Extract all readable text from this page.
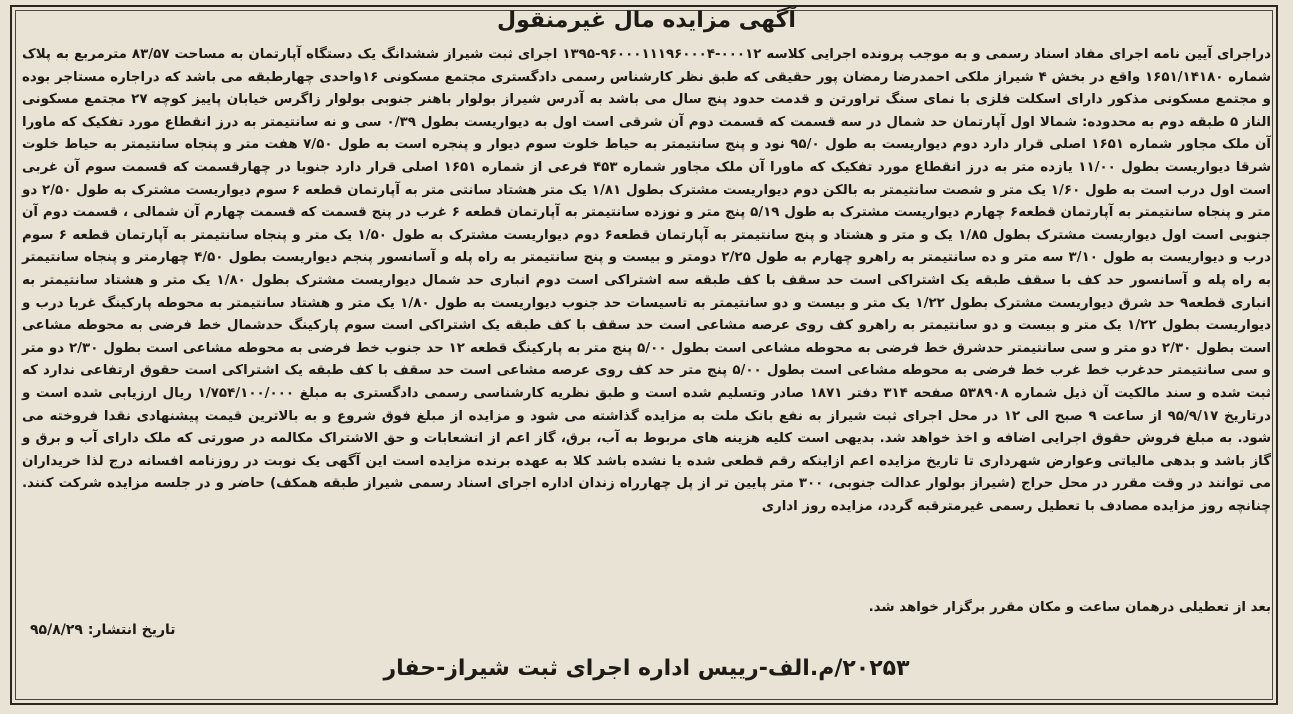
آگهی مزایده مال غیرمنقول

دراجرای آیین نامه اجرای مفاد اسناد رسمی و به موجب پرونده اجرایی کلاسه ۰۰۰۱۲-۹۶۰۰۰۱۱۱۹۶۰۰۰۴-۱۳۹۵ اجرای ثبت شیراز ششدانگ یک دستگاه آپارتمان به مساحت ۸۳/۵۷ مترمربع به پلاک شماره ۱۶۵۱/۱۴۱۸۰ واقع در بخش ۴ شیراز ملکی احمدرضا رمضان پور حقیقی که طبق نظر کارشناس رسمی دادگستری مجتمع مسکونی ۱۶واحدی چهارطبقه می باشد که دراجاره مستاجر بوده و مجتمع مسکونی مذکور دارای اسکلت فلزی با نمای سنگ تراورتن و قدمت حدود پنج سال می باشد به آدرس شیراز بولوار باهنر جنوبی بولوار زاگرس خیابان پاییز کوچه ۲۷ مجتمع مسکونی الناز ۵ طبقه دوم به محدوده: شمالا اول آپارتمان حد شمال در سه قسمت که قسمت دوم آن شرقی است اول به دیواریست بطول ۰/۳۹ سی و نه سانتیمتر به درز انقطاع مورد تفکیک که ماورا آن ملک مجاور شماره ۱۶۵۱ اصلی قرار دارد دوم دیواریست به طول ۹۵/۰ نود و پنج سانتیمتر به حیاط خلوت سوم دیوار و پنجره است به طول ۷/۵۰ هفت متر و پنجاه سانتیمتر به حیاط خلوت شرقا دیواریست بطول ۱۱/۰۰ یازده متر به درز انقطاع مورد تفکیک که ماورا آن ملک مجاور شماره ۴۵۳ فرعی از شماره ۱۶۵۱ اصلی قرار دارد جنوبا در چهارقسمت که قسمت سوم آن غربی است اول درب است به طول ۱/۶۰ یک متر و شصت سانتیمتر به بالکن دوم دیواریست مشترک بطول ۱/۸۱ یک متر هشتاد سانتی متر به آپارتمان قطعه ۶ سوم دیواریست مشترک به طول ۲/۵۰ دو متر و پنجاه سانتیمتر به آپارتمان قطعه۶ چهارم دیواریست مشترک به طول ۵/۱۹ پنج متر و نوزده سانتیمتر به آپارتمان قطعه ۶ غرب در پنج قسمت که قسمت چهارم آن شمالی ، قسمت دوم آن جنوبی است اول دیواریست مشترک بطول ۱/۸۵ یک و متر و هشتاد و پنج سانتیمتر به آپارتمان قطعه۶ دوم دیواریست مشترک به طول ۱/۵۰ یک متر و پنجاه سانتیمتر به آپارتمان قطعه ۶ سوم درب و دیواریست به طول ۳/۱۰ سه متر و ده سانتیمتر به راهرو چهارم به طول ۲/۲۵ دومتر و بیست و پنج سانتیمتر به راه پله و آسانسور پنجم دیواریست بطول ۴/۵۰ چهارمتر و پنجاه سانتیمتر به راه پله و آسانسور حد کف با سقف طبقه یک اشتراکی است حد سقف با کف طبقه سه اشتراکی است دوم انباری حد شمال دیواریست مشترک بطول ۱/۸۰ یک متر و هشتاد سانتیمتر به انباری قطعه۹ حد شرق دیواریست مشترک بطول ۱/۲۲ یک متر و بیست و دو سانتیمتر به تاسیسات حد جنوب دیواریست به طول ۱/۸۰ یک متر و هشتاد سانتیمتر به محوطه پارکینگ غربا درب و دیواریست بطول ۱/۲۲ یک متر و بیست و دو سانتیمتر به راهرو کف روی عرصه مشاعی است حد سقف با کف طبقه یک اشتراکی است سوم پارکینگ حدشمال خط فرضی به محوطه مشاعی است بطول ۲/۳۰ دو متر و سی سانتیمتر حدشرق خط فرضی به محوطه مشاعی است بطول ۵/۰۰ پنج متر به پارکینگ قطعه ۱۲ حد جنوب خط فرضی به محوطه مشاعی است بطول ۲/۳۰ دو متر و سی سانتیمتر حدغرب خط غرب خط فرضی به محوطه مشاعی است بطول ۵/۰۰ پنج متر حد کف روی عرصه مشاعی است حد سقف با کف طبقه یک اشتراکی است حقوق ارتفاعی ندارد که ثبت شده و سند مالکیت آن ذیل شماره ۵۳۸۹۰۸ صفحه ۳۱۴ دفتر ۱۸۷۱ صادر وتسلیم شده است و طبق نظریه کارشناسی رسمی دادگستری به مبلغ ۱/۷۵۴/۱۰۰/۰۰۰ ریال ارزیابی شده است و درتاریخ ۹۵/۹/۱۷ از ساعت ۹ صبح الی ۱۲ در محل اجرای ثبت شیراز به نفع بانک ملت به مزایده گذاشته می شود و مزایده از مبلغ فوق شروع و به بالاترین قیمت پیشنهادی نقدا فروخته می شود. به مبلغ فروش حقوق اجرایی اضافه و اخذ خواهد شد. بدیهی است کلیه هزینه های مربوط به آب، برق، گاز اعم از انشعابات و حق الاشتراک مکالمه در صورتی که ملک دارای آب و برق و گاز باشد و بدهی مالیاتی وعوارض شهرداری تا تاریخ مزایده اعم ازاینکه رقم قطعی شده یا نشده باشد کلا به عهده برنده مزایده است این آگهی یک نوبت در روزنامه افسانه درج لذا خریداران می توانند در وقت مقرر در محل حراج (شیراز بولوار عدالت جنوبی، ۳۰۰ متر پایین تر از پل چهارراه زندان اداره اجرای اسناد رسمی شیراز طبقه همکف) حاضر و در جلسه مزایده شرکت کنند. چنانچه روز مزایده مصادف با تعطیل رسمی غیرمترقبه گردد، مزایده روز اداری

بعد از تعطیلی درهمان ساعت و مکان مقرر برگزار خواهد شد.
تاریخ انتشار: ۹۵/۸/۲۹
۲۰۲۵۳/م.الف-رییس اداره اجرای ثبت شیراز-حفار
